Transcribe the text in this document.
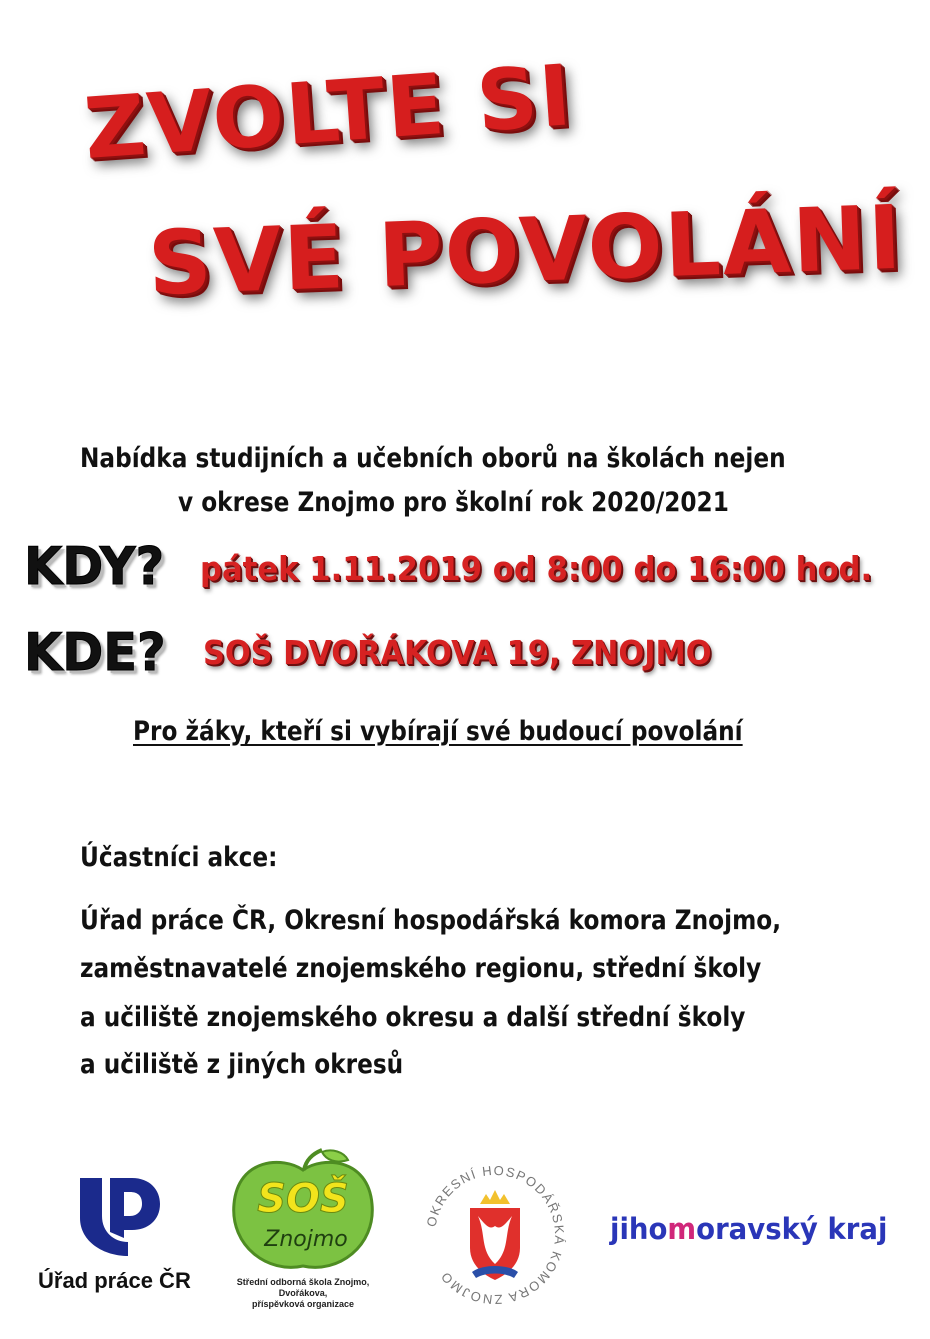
ZVOLTE SI
SVÉ POVOLÁNÍ
Nabídka studijních a učebních oborů na školách nejen
v okrese Znojmo pro školní rok 2020/2021
KDY? pátek 1.11.2019 od 8:00 do 16:00 hod.
KDE? SOŠ DVOŘÁKOVA 19, ZNOJMO
Pro žáky, kteří si vybírají své budoucí povolání
Účastníci akce:
Úřad práce ČR, Okresní hospodářská komora Znojmo,
zaměstnavatelé znojemského regionu, střední školy
a učiliště znojemského okresu a další střední školy
a učiliště z jiných okresů
Úřad práce ČR
SOŠ
Znojmo
Střední odborná škola Znojmo,
Dvořákova,
příspěvková organizace
OKRESNÍ HOSPODÁŘSKÁ KOMORA ZNOJMO
jihomoravský kraj
